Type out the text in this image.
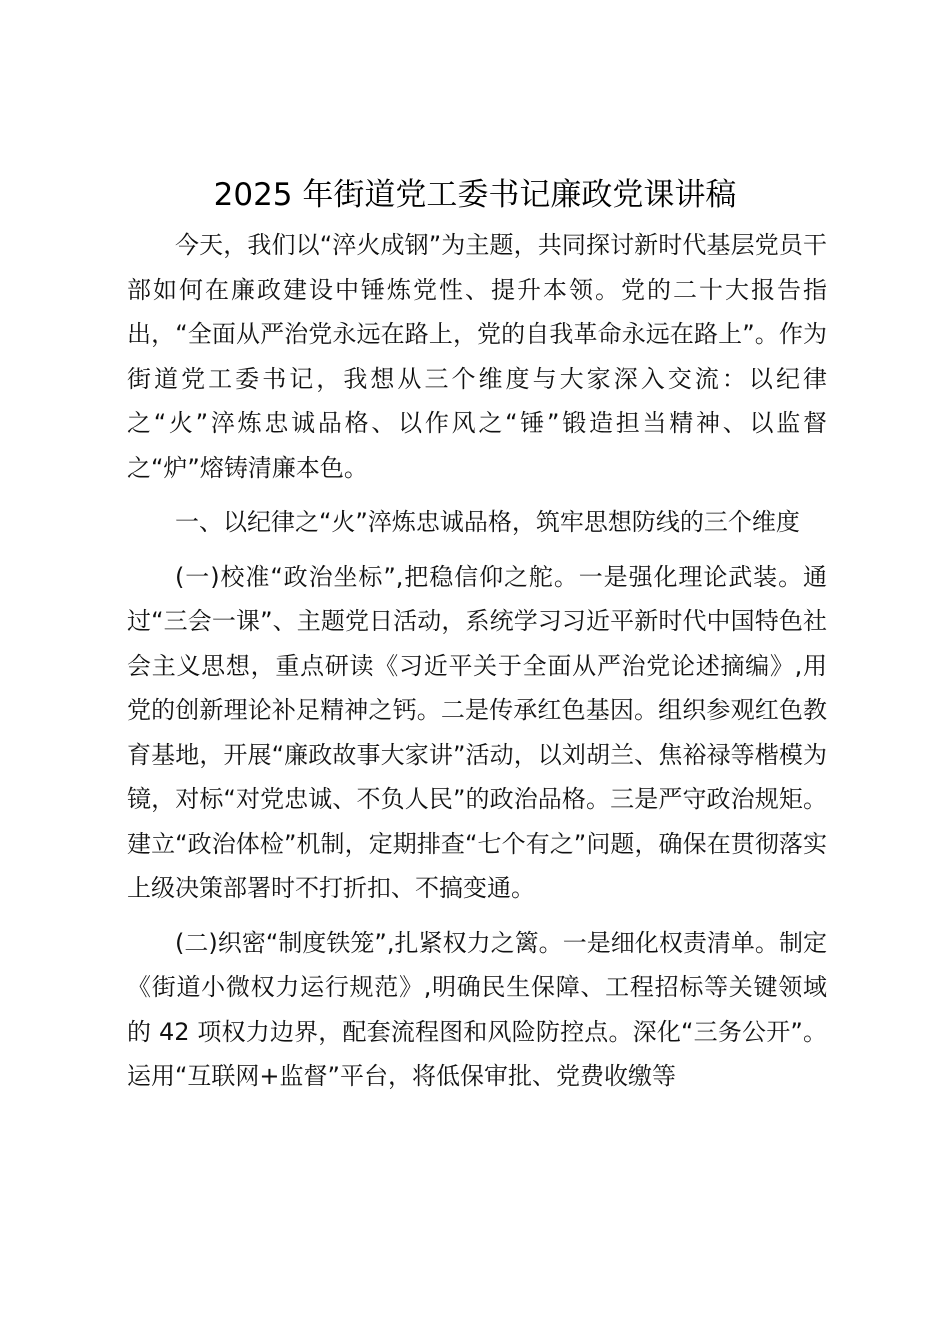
2025 年街道党工委书记廉政党课讲稿

今天，我们以“淬火成钢”为主题，共同探讨新时代基层党员干部如何在廉政建设中锤炼党性、提升本领。党的二十大报告指出，“全面从严治党永远在路上，党的自我革命永远在路上”。作为街道党工委书记，我想从三个维度与大家深入交流：以纪律之“火”淬炼忠诚品格、以作风之“锤”锻造担当精神、以监督之“炉”熔铸清廉本色。

一、以纪律之“火”淬炼忠诚品格，筑牢思想防线的三个维度

(一)校准“政治坐标”,把稳信仰之舵。一是强化理论武装。通过“三会一课”、主题党日活动，系统学习习近平新时代中国特色社会主义思想，重点研读《习近平关于全面从严治党论述摘编》,用党的创新理论补足精神之钙。二是传承红色基因。组织参观红色教育基地，开展“廉政故事大家讲”活动，以刘胡兰、焦裕禄等楷模为镜，对标“对党忠诚、不负人民”的政治品格。三是严守政治规矩。建立“政治体检”机制，定期排查“七个有之”问题，确保在贯彻落实上级决策部署时不打折扣、不搞变通。

(二)织密“制度铁笼”,扎紧权力之篱。一是细化权责清单。制定《街道小微权力运行规范》,明确民生保障、工程招标等关键领域的 42 项权力边界，配套流程图和风险防控点。深化“三务公开”。运用“互联网+监督”平台，将低保审批、党费收缴等
